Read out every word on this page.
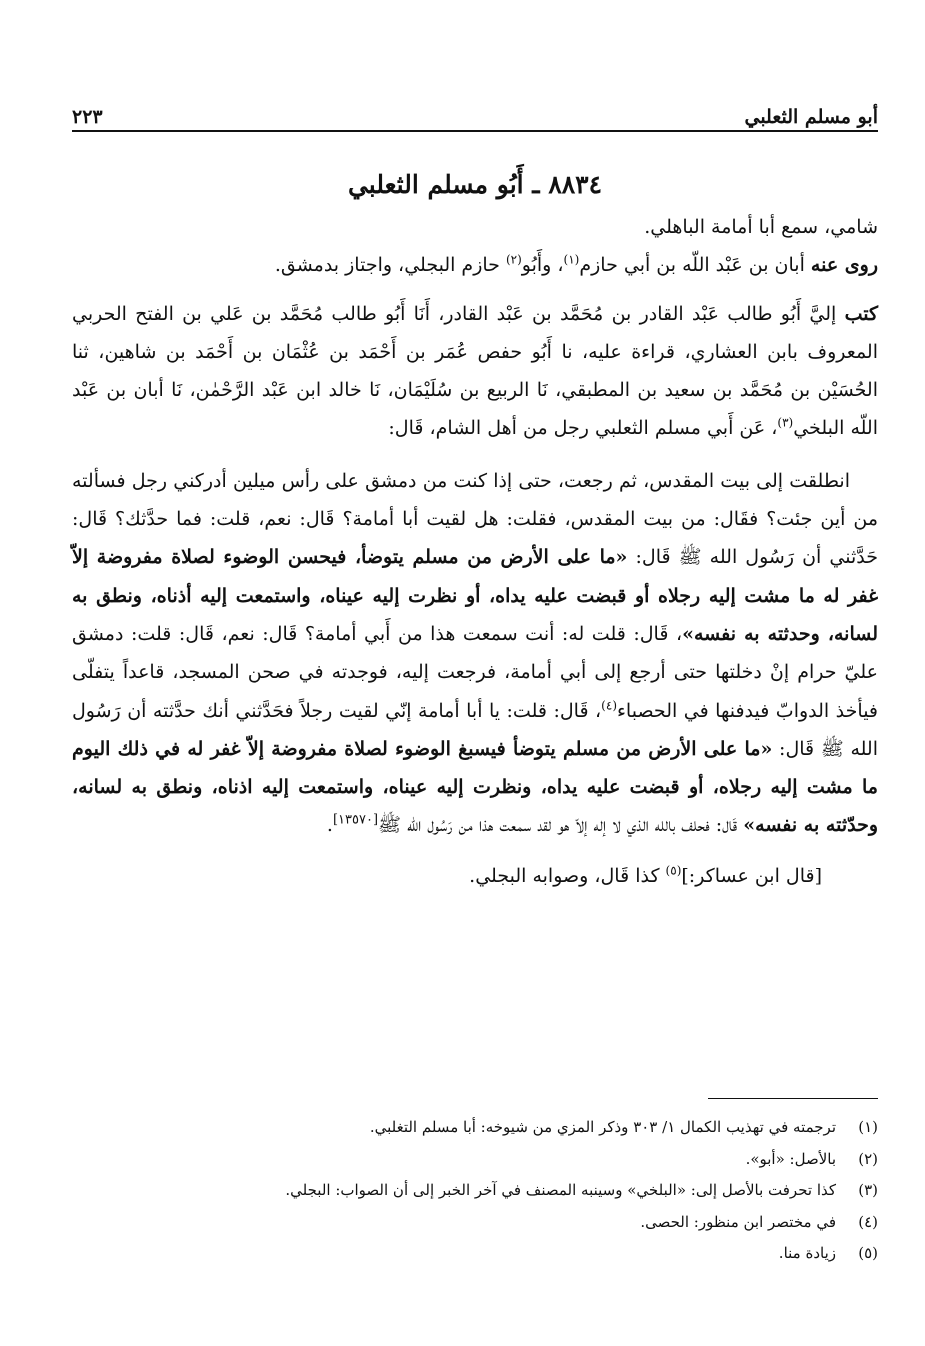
أبو مسلم الثعلبي
٢٢٣
٨٨٣٤ ـ أَبُو مسلم الثعلبي

شامي، سمع أبا أمامة الباهلي.

روى عنه أبان بن عَبْد اللّه بن أبي حازم$^{(١)}$، وأَبُو$^{(٢)}$ حازم البجلي، واجتاز بدمشق.

كتب إليَّ أَبُو طالب عَبْد القادر بن مُحَمَّد بن عَبْد القادر، أَنَا أَبُو طالب مُحَمَّد بن عَلي بن الفتح الحربي المعروف بابن العشاري، قراءة عليه، نا أَبُو حفص عُمَر بن أَحْمَد بن عُثْمَان بن أَحْمَد بن شاهين، ثنا الحُسَيْن بن مُحَمَّد بن سعيد بن المطبقي، نَا الربيع بن سُلَيْمَان، نَا خالد ابن عَبْد الرَّحْمٰن، نَا أبان بن عَبْد اللّه البلخي$^{(٣)}$، عَن أَبي مسلم الثعلبي رجل من أهل الشام، قَال:

انطلقت إلى بيت المقدس، ثم رجعت، حتى إذا كنت من دمشق على رأس ميلين أدركني رجل فسألته من أين جئت؟ فقَال: من بيت المقدس، فقلت: هل لقيت أبا أمامة؟ قَال: نعم، قلت: فما حدَّثك؟ قَال: حَدَّثني أن رَسُول الله ﷺ قَال: «ما على الأرض من مسلم يتوضأ، فيحسن الوضوء لصلاة مفروضة إلاّ غفر له ما مشت إليه رجلاه أو قبضت عليه يداه، أو نظرت إليه عيناه، واستمعت إليه أذناه، ونطق به لسانه، وحدثته به نفسه»، قَال: قلت له: أنت سمعت هذا من أَبي أمامة؟ قَال: نعم، قَال: قلت: دمشق عليّ حرام إنْ دخلتها حتى أرجع إلى أبي أمامة، فرجعت إليه، فوجدته في صحن المسجد، قاعداً يتفلّى فيأخذ الدوابّ فيدفنها في الحصباء$^{(٤)}$، قَال: قلت: يا أبا أمامة إنّي لقيت رجلاً فحَدَّثني أنك حدَّثته أن رَسُول الله ﷺ قَال: «ما على الأرض من مسلم يتوضأ فيسبغ الوضوء لصلاة مفروضة إلاّ غفر له في ذلك اليوم ما مشت إليه رجلاه، أو قبضت عليه يداه، ونظرت إليه عيناه، واستمعت إليه اذناه، ونطق به لسانه، وحدّثته به نفسه» قَال: فحلف بالله الذي لا إله إلاّ هو لقد سمعت هذا من رَسُول الله ﷺ[١٣٥٧٠].

[قال ابن عساكر:]$^{(٥)}$ كذا قَال، وصوابه البجلي.

(١)
ترجمته في تهذيب الكمال ١/ ٣٠٣ وذكر المزي من شيوخه: أبا مسلم التغلبي.
(٢)
بالأصل: «أبو».
(٣)
كذا تحرفت بالأصل إلى: «البلخي» وسينبه المصنف في آخر الخبر إلى أن الصواب: البجلي.
(٤)
في مختصر ابن منظور: الحصى.
(٥)
زيادة منا.
